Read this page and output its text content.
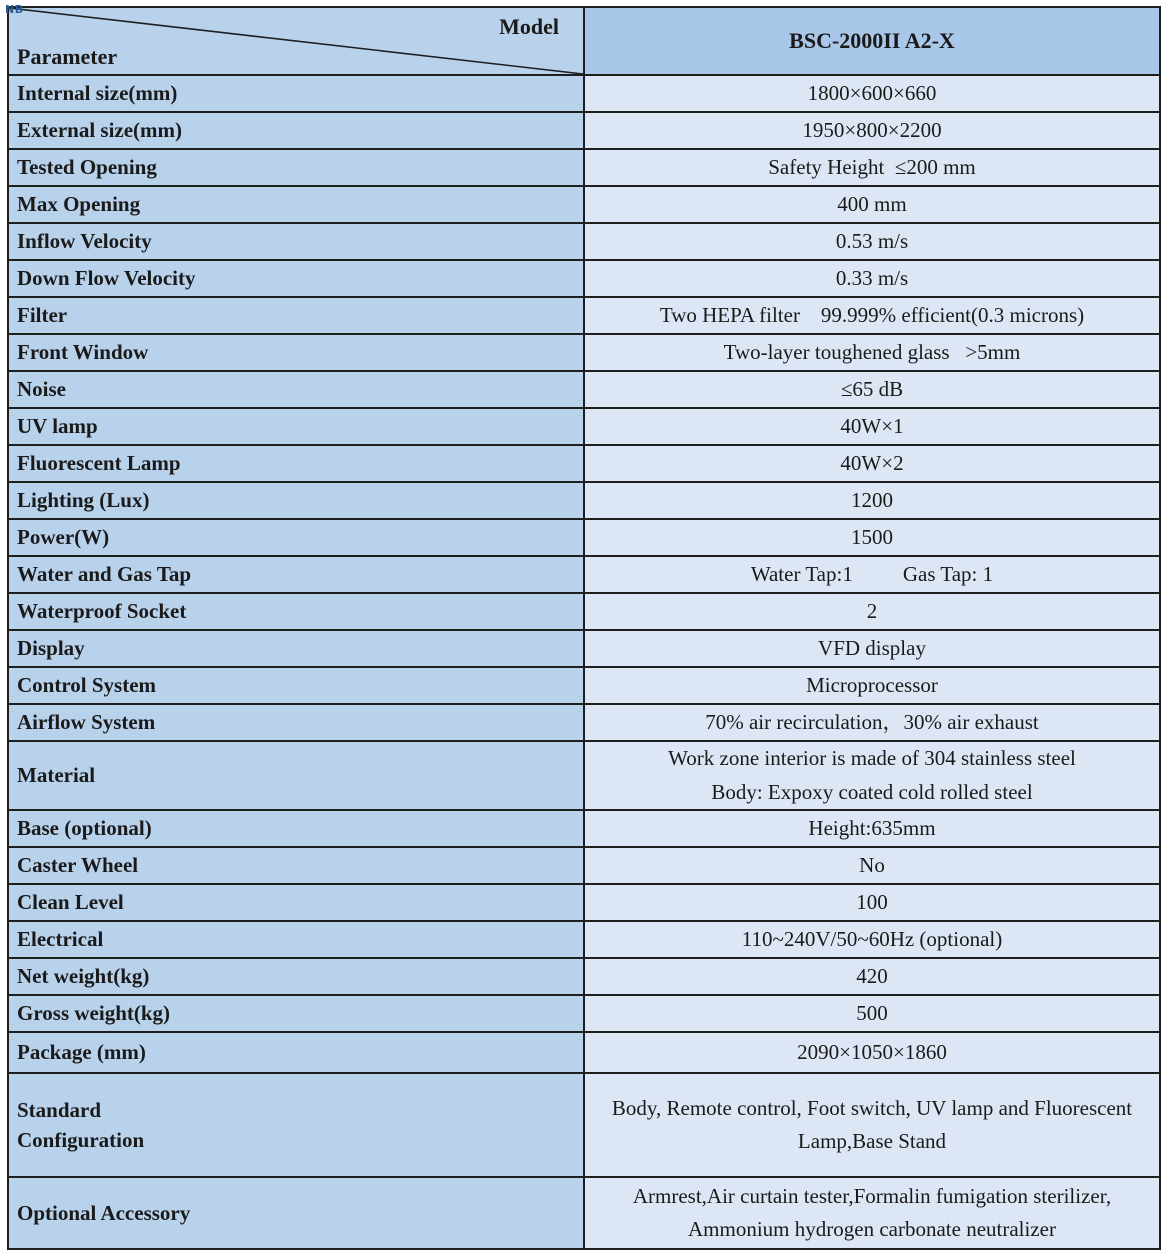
NB
Model
Parameter	BSC-2000II A2-X
Internal size(mm)	1800×600×660
External size(mm)	1950×800×2200
Tested Opening	Safety Height  ≤200 mm
Max Opening	400 mm
Inflow Velocity	0.53 m/s
Down Flow Velocity	0.33 m/s
Filter	Two HEPA filter    99.999% efficient(0.3 microns)
Front Window	Two-layer toughened glass   >5mm
Noise	≤65 dB
UV lamp	40W×1
Fluorescent Lamp	40W×2
Lighting (Lux)	1200
Power(W)	1500
Water and Gas Tap	Water Tap:1 Gas Tap: 1
Waterproof Socket	2
Display	VFD display
Control System	Microprocessor
Airflow System	70% air recirculation，30% air exhaust
Material	Work zone interior is made of 304 stainless steel
Body: Expoxy coated cold rolled steel

Base (optional)	Height:635mm
Caster Wheel	No
Clean Level	100
Electrical	110~240V/50~60Hz (optional)
Net weight(kg)	420
Gross weight(kg)	500
Package (mm)	2090×1050×1860

Standard
Configuration	Body, Remote control, Foot switch, UV lamp and Fluorescent Lamp,Base Stand
Optional Accessory	Armrest,Air curtain tester,Formalin fumigation sterilizer, Ammonium hydrogen carbonate neutralizer
